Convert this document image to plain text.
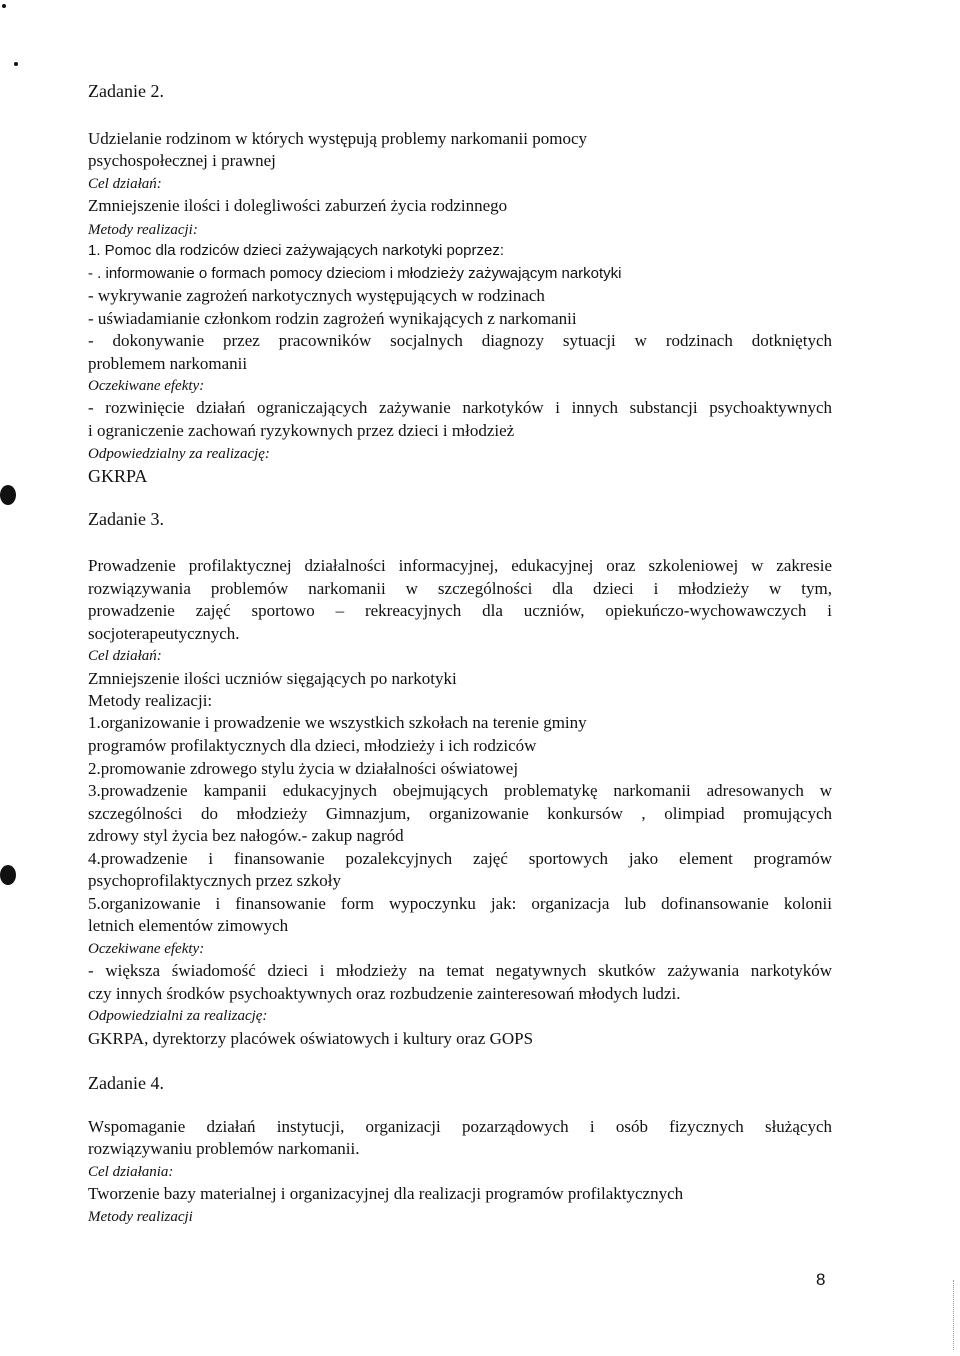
Zadanie 2.
Udzielanie rodzinom w których występują problemy narkomanii pomocy
psychospołecznej i prawnej
Cel działań:
Zmniejszenie ilości i dolegliwości zaburzeń życia rodzinnego
Metody realizacji:
1. Pomoc dla rodziców dzieci zażywających narkotyki poprzez:
- . informowanie o formach pomocy dzieciom i młodzieży zażywającym narkotyki
- wykrywanie zagrożeń narkotycznych występujących w rodzinach
- uświadamianie członkom rodzin zagrożeń wynikających z narkomanii
- dokonywanie przez pracowników socjalnych diagnozy sytuacji w rodzinach dotkniętych
problemem narkomanii
Oczekiwane efekty:
- rozwinięcie działań ograniczających zażywanie narkotyków i innych substancji psychoaktywnych
i ograniczenie zachowań ryzykownych przez dzieci i młodzież
Odpowiedzialny za realizację:
GKRPA
Zadanie 3.
Prowadzenie profilaktycznej działalności informacyjnej, edukacyjnej oraz szkoleniowej w zakresie
rozwiązywania problemów narkomanii w szczególności dla dzieci i młodzieży w tym,
prowadzenie zajęć sportowo – rekreacyjnych dla uczniów, opiekuńczo-wychowawczych i
socjoterapeutycznych.
Cel działań:
Zmniejszenie ilości uczniów sięgających po narkotyki
Metody realizacji:
1.organizowanie i prowadzenie we wszystkich szkołach na terenie gminy
programów profilaktycznych dla dzieci, młodzieży i ich rodziców
2.promowanie zdrowego stylu życia w działalności oświatowej
3.prowadzenie kampanii edukacyjnych obejmujących problematykę narkomanii adresowanych w
szczególności do młodzieży Gimnazjum, organizowanie konkursów , olimpiad promujących
zdrowy styl życia bez nałogów.- zakup nagród
4.prowadzenie i finansowanie pozalekcyjnych zajęć sportowych jako element programów
psychoprofilaktycznych przez szkoły
5.organizowanie i finansowanie form wypoczynku jak: organizacja lub dofinansowanie kolonii
letnich elementów zimowych
Oczekiwane efekty:
- większa świadomość dzieci i młodzieży na temat negatywnych skutków zażywania narkotyków
czy innych środków psychoaktywnych oraz rozbudzenie zainteresowań młodych ludzi.
Odpowiedzialni za realizację:
GKRPA, dyrektorzy placówek oświatowych i kultury oraz GOPS
Zadanie 4.
Wspomaganie działań instytucji, organizacji pozarządowych i osób fizycznych służących
rozwiązywaniu problemów narkomanii.
Cel działania:
Tworzenie bazy materialnej i organizacyjnej dla realizacji programów profilaktycznych
Metody realizacji
8
